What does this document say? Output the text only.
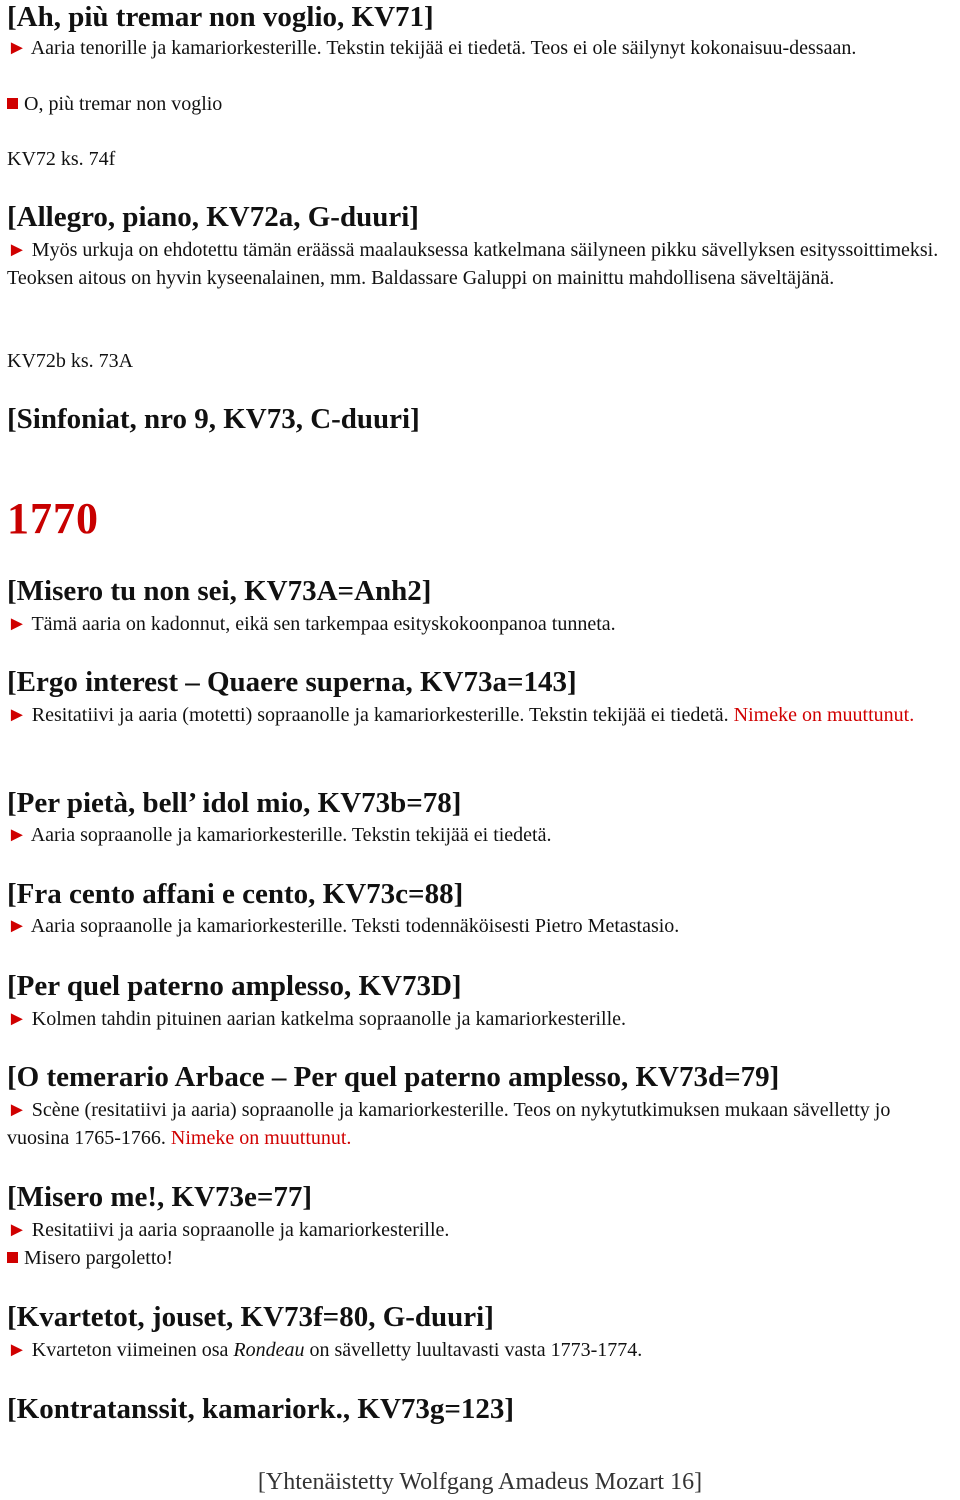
[Ah, più tremar non voglio, KV71]
► Aaria tenorille ja kamariorkesterille. Tekstin tekijää ei tiedetä. Teos ei ole säilynyt kokonaisuu-dessaan.
O, più tremar non voglio
KV72 ks. 74f
[Allegro, piano, KV72a, G-duuri]
► Myös urkuja on ehdotettu tämän eräässä maalauksessa katkelmana säilyneen pikku sävellyksen esityssoittimeksi. Teoksen aitous on hyvin kyseenalainen, mm. Baldassare Galuppi on mainittu mahdollisena säveltäjänä.
KV72b ks. 73A
[Sinfoniat, nro 9, KV73, C-duuri]
1770
[Misero tu non sei, KV73A=Anh2]
► Tämä aaria on kadonnut, eikä sen tarkempaa esityskokoonpanoa tunneta.
[Ergo interest – Quaere superna, KV73a=143]
► Resitatiivi ja aaria (motetti) sopraanolle ja kamariorkesterille. Tekstin tekijää ei tiedetä. Nimeke on muuttunut.
[Per pietà, bell’ idol mio, KV73b=78]
► Aaria sopraanolle ja kamariorkesterille. Tekstin tekijää ei tiedetä.
[Fra cento affani e cento, KV73c=88]
► Aaria sopraanolle ja kamariorkesterille. Teksti todennäköisesti Pietro Metastasio.
[Per quel paterno amplesso, KV73D]
► Kolmen tahdin pituinen aarian katkelma sopraanolle ja kamariorkesterille.
[O temerario Arbace – Per quel paterno amplesso, KV73d=79]
► Scène (resitatiivi ja aaria) sopraanolle ja kamariorkesterille. Teos on nykytutkimuksen mukaan sävelletty jo vuosina 1765-1766. Nimeke on muuttunut.
[Misero me!, KV73e=77]
► Resitatiivi ja aaria sopraanolle ja kamariorkesterille.
Misero pargoletto!
[Kvartetot, jouset, KV73f=80, G-duuri]
► Kvarteton viimeinen osa Rondeau on sävelletty luultavasti vasta 1773-1774.
[Kontratanssit, kamariork., KV73g=123]
[Yhtenäistetty Wolfgang Amadeus Mozart 16]
